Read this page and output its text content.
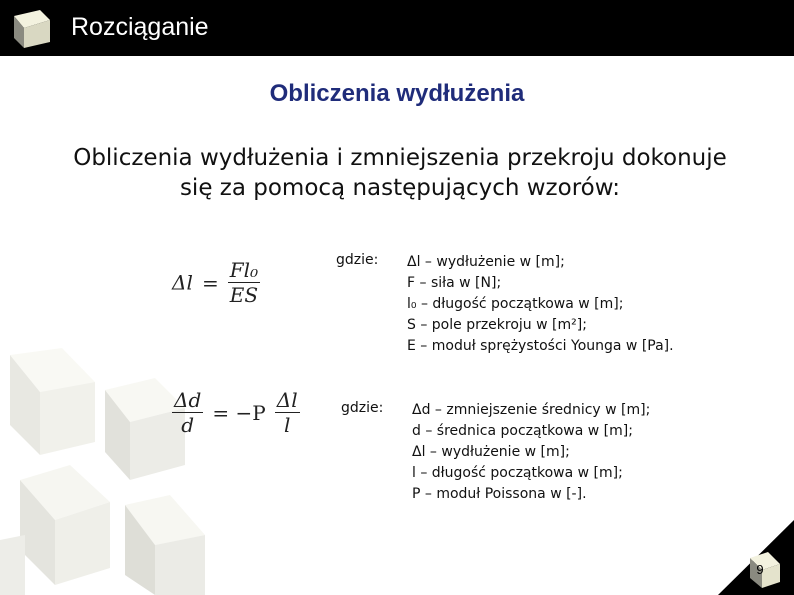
Rozciąganie
Obliczenia wydłużenia
Obliczenia wydłużenia i zmniejszenia przekroju dokonuje
się za pomocą następujących wzorów:
$\Delta l = \frac{\text{Fl₀}}{ES}$	gdzie: Δl – wydłużenie w [m];
F – siła w [N];
l₀ – długość początkowa w [m];
S – pole przekroju w [m²];
E – moduł sprężystości Younga w [Pa].
$\frac{\Delta d}{d} = -P \frac{\Delta l}{l}$	gdzie: Δd – zmniejszenie średnicy w [m];
d – średnica początkowa w [m];
Δl – wydłużenie w [m];
l – długość początkowa w [m];
P – moduł Poissona w [-].
9
